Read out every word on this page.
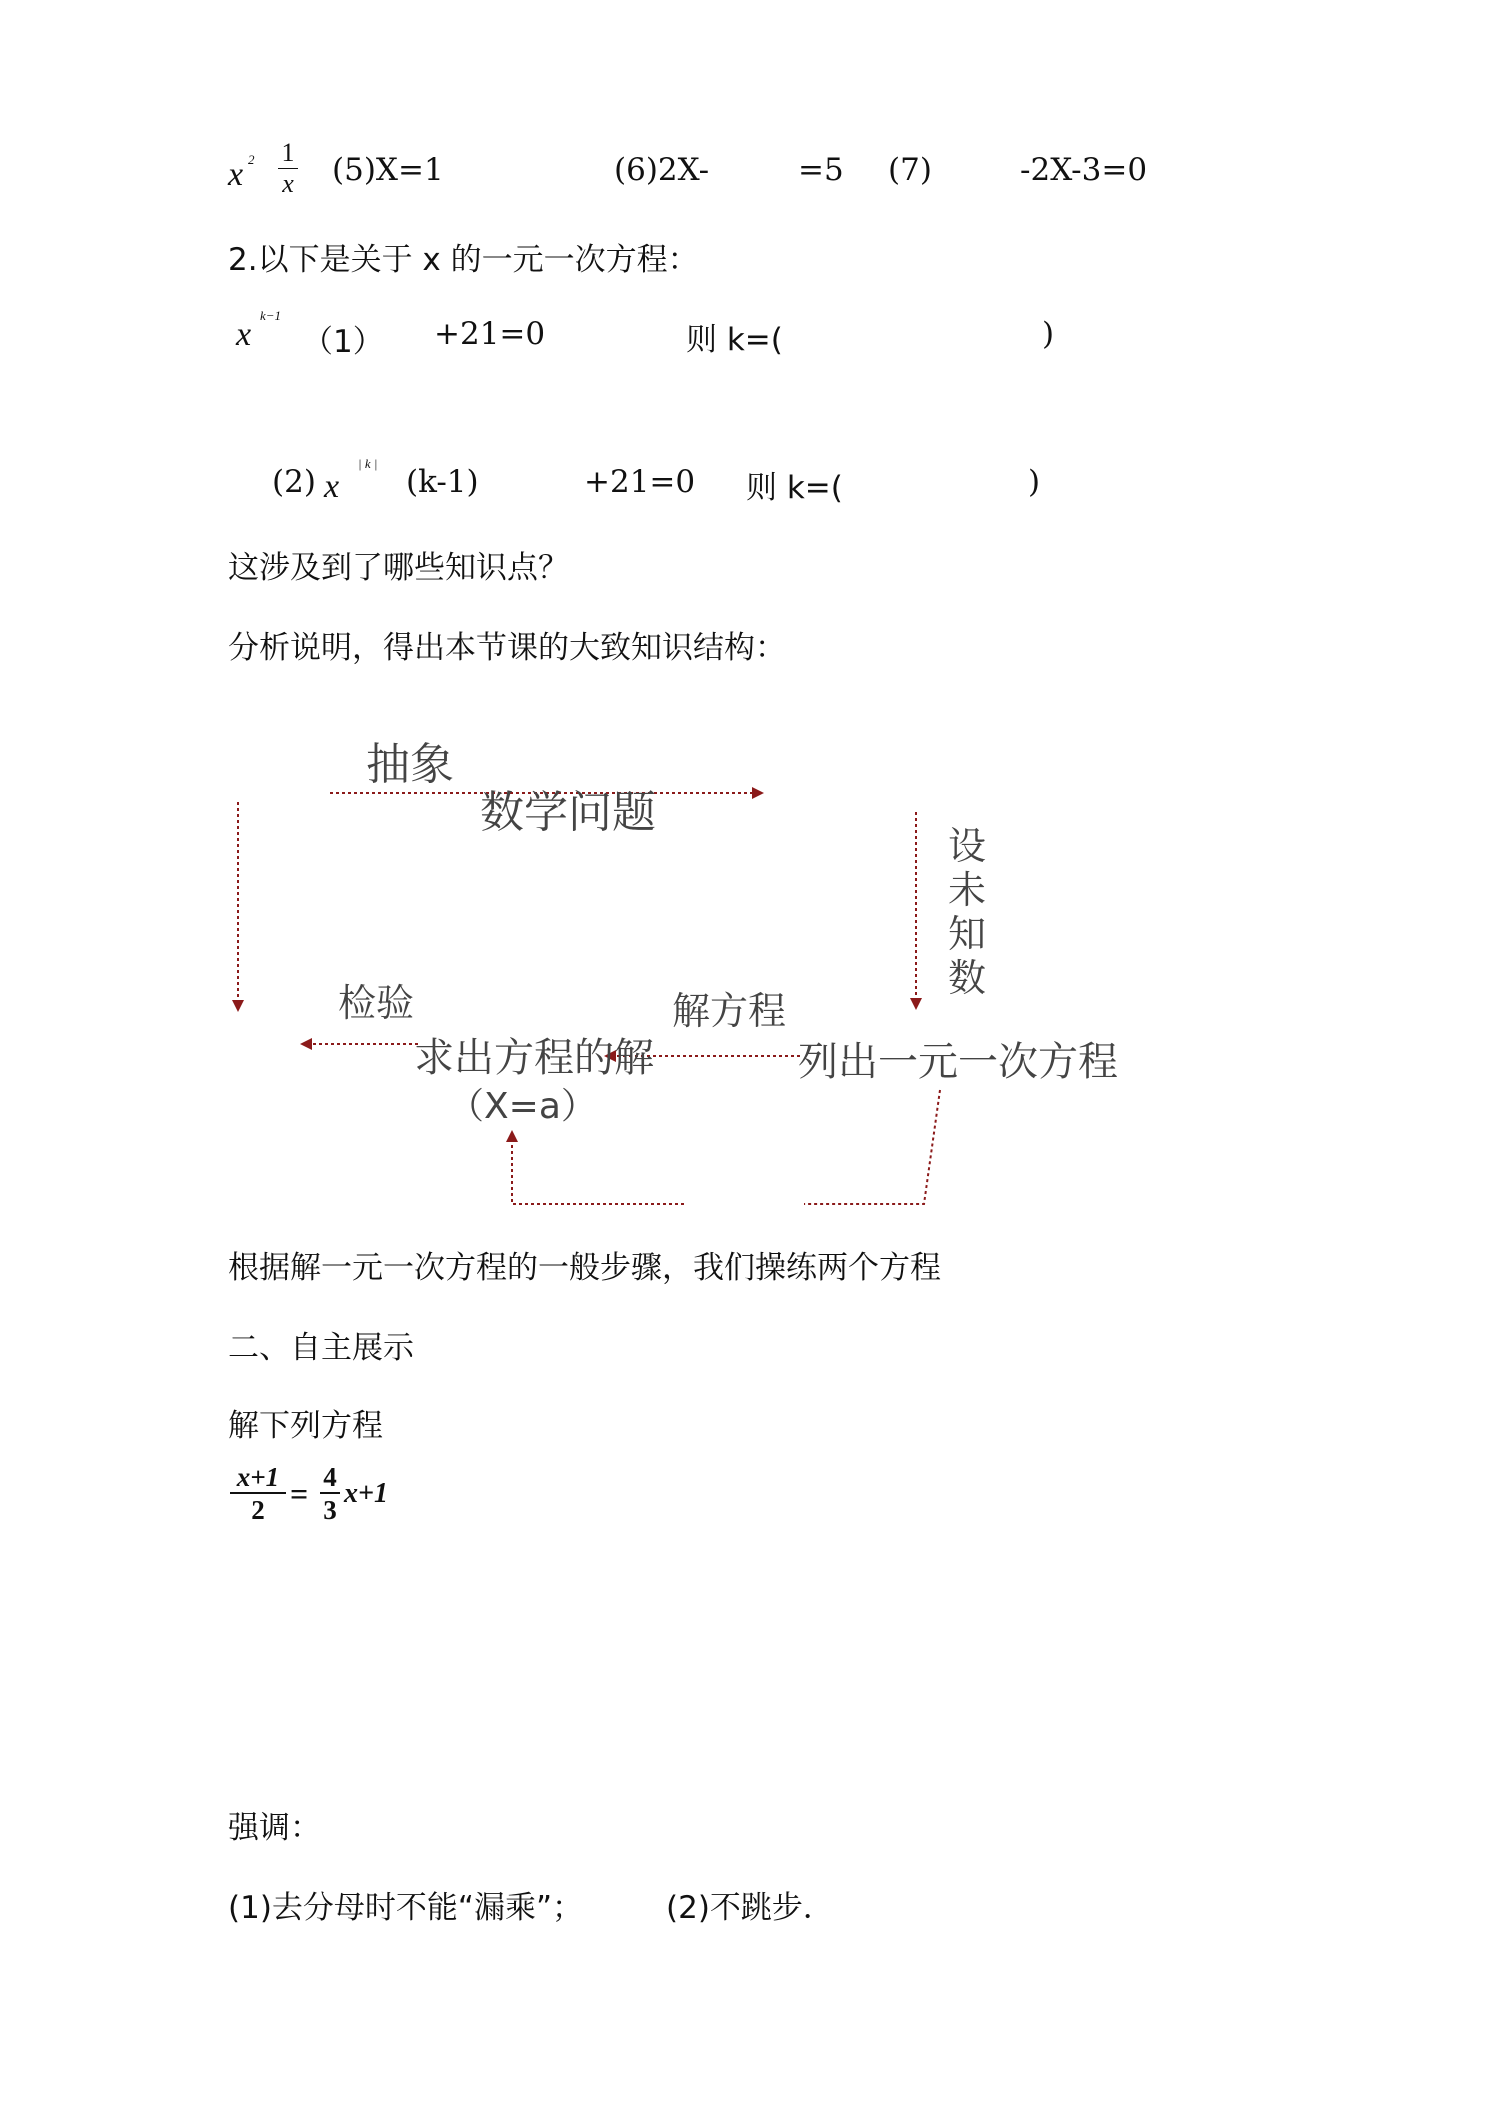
x 2 1
x (5)X=1	(6)2X-	=5 (7)	-2X-3=0
2.以下是关于 x 的一元一次方程：
x
k−1
（1） +21=0	则 k=(	)
(2) x
| k |
(k-1)	+21=0 则 k=(	)
这涉及到了哪些知识点？
分析说明，得出本节课的大致知识结构：
抽象
数学问题
设
未
知
数
检验	解方程
求出方程的解	列出一元一次方程
（X=a）
根据解一元一次方程的一般步骤，我们操练两个方程
二、自主展示
解下列方程
x+1
2 = 4
3
x+1
强调：
(1)去分母时不能“漏乘”；	(2)不跳步．
